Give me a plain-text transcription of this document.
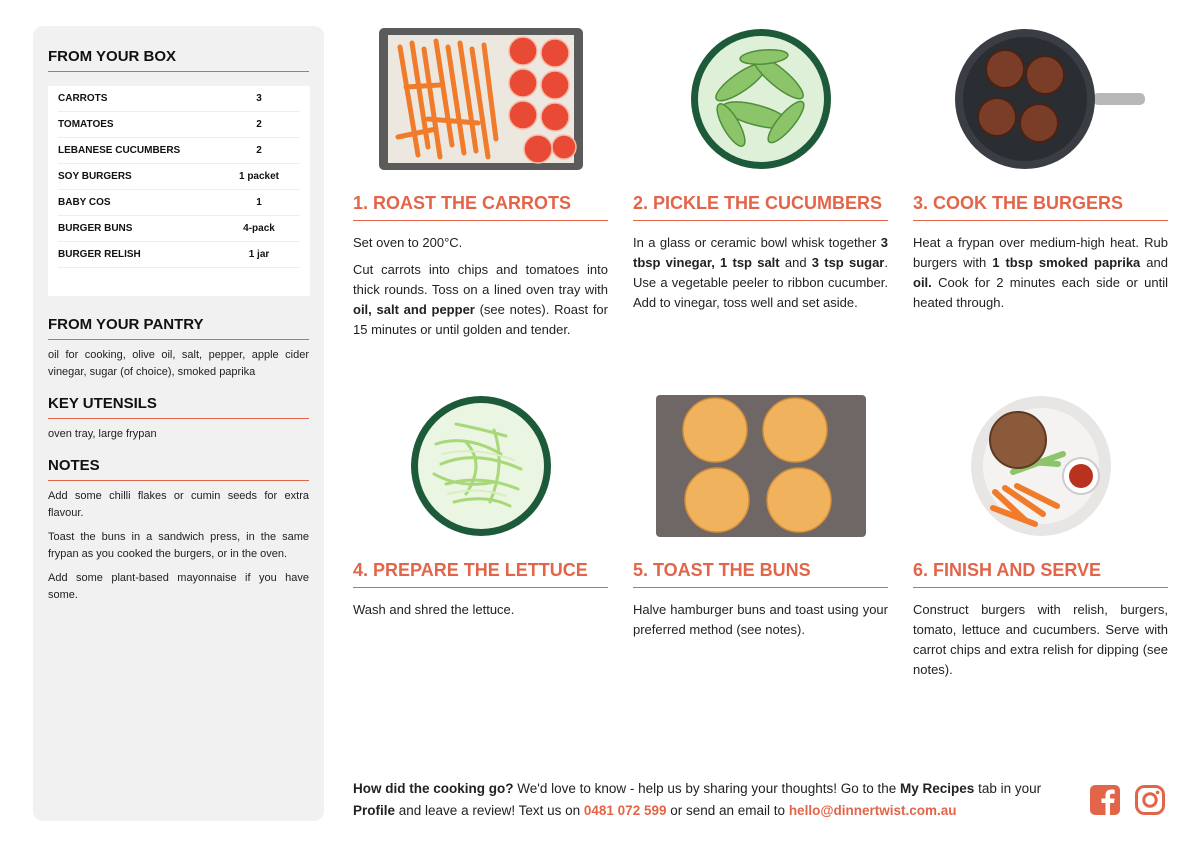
FROM YOUR BOX
CARROTS	3
TOMATOES	2
LEBANESE CUCUMBERS	2
SOY BURGERS	1 packet
BABY COS	1
BURGER BUNS	4-pack
BURGER RELISH	1 jar
FROM YOUR PANTRY

oil for cooking, olive oil, salt, pepper, apple cider vinegar, sugar (of choice), smoked paprika

KEY UTENSILS

oven tray, large frypan

NOTES

Add some chilli flakes or cumin seeds for extra flavour.

Toast the buns in a sandwich press, in the same frypan as you cooked the burgers, or in the oven.

Add some plant-based mayonnaise if you have some.

1. ROAST THE CARROTS

Set oven to 200°C.

Cut carrots into chips and tomatoes into thick rounds. Toss on a lined oven tray with oil, salt and pepper (see notes). Roast for 15 minutes or until golden and tender.

2. PICKLE THE CUCUMBERS

In a glass or ceramic bowl whisk together 3 tbsp vinegar, 1 tsp salt and 3 tsp sugar. Use a vegetable peeler to ribbon cucumber. Add to vinegar, toss well and set aside.

3. COOK THE BURGERS

Heat a frypan over medium-high heat. Rub burgers with 1 tbsp smoked paprika and oil. Cook for 2 minutes each side or until heated through.

4. PREPARE THE LETTUCE

Wash and shred the lettuce.

5. TOAST THE BUNS

Halve hamburger buns and toast using your preferred method (see notes).

6. FINISH AND SERVE

Construct burgers with relish, burgers, tomato, lettuce and cucumbers. Serve with carrot chips and extra relish for dipping (see notes).

How did the cooking go? We'd love to know - help us by sharing your thoughts! Go to the My Recipes tab in your Profile and leave a review! Text us on 0481 072 599 or send an email to hello@dinnertwist.com.au
